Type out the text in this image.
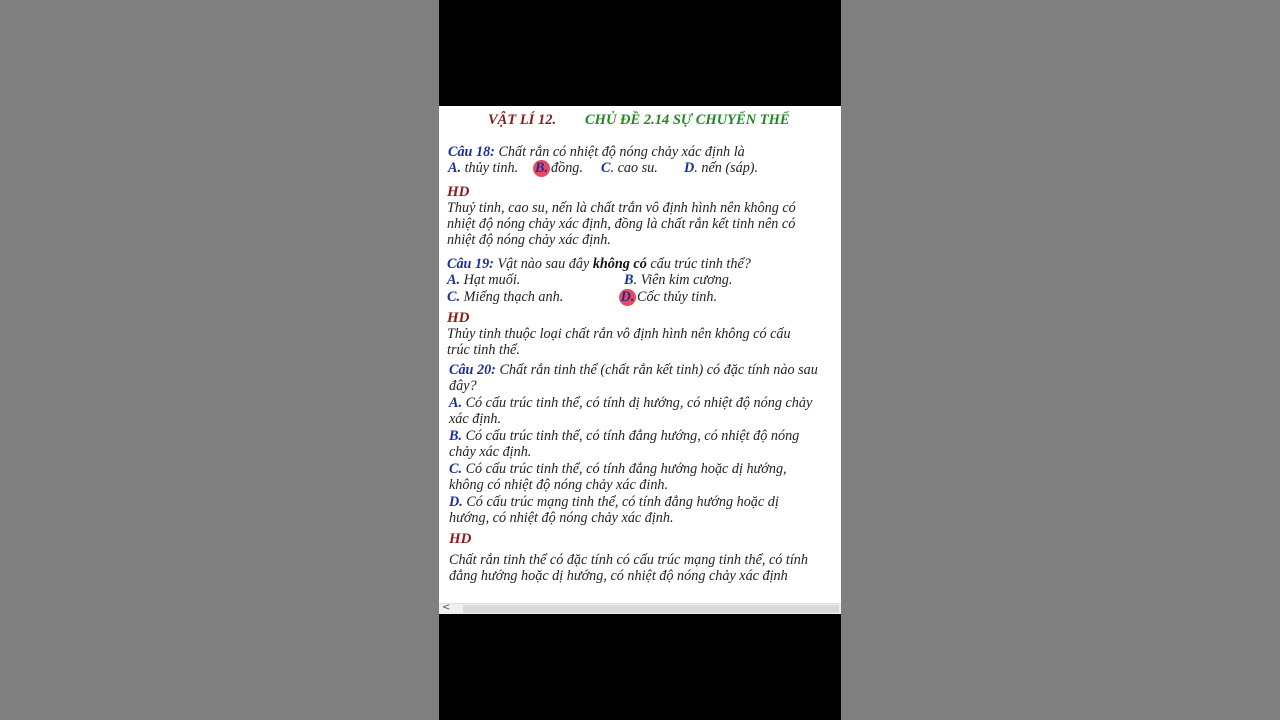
VẬT LÍ 12. CHỦ ĐỀ 2.14 SỰ CHUYỂN THỂ
Câu 18: Chất rắn có nhiệt độ nóng chảy xác định là
A. thủy tinh. B. đồng. C. cao su. D. nến (sáp).
HD
Thuỷ tinh, cao su, nến là chất trắn vô định hình nên không có
nhiệt độ nóng chảy xác định, đồng là chất rắn kết tinh nên có
nhiệt độ nóng chảy xác định.
Câu 19: Vật nào sau đây không có cấu trúc tinh thể?
A. Hạt muối.	B. Viên kim cương.
C. Miếng thạch anh.	D. Cốc thủy tinh.
HD
Thủy tinh thuộc loại chất rắn vô định hình nên không có cấu
trúc tinh thể.
Câu 20: Chất rắn tinh thể (chất rắn kết tinh) có đặc tính nào sau
đây?
A. Có cấu trúc tinh thể, có tính dị hướng, có nhiệt độ nóng chảy
xác định.
B. Có cấu trúc tinh thể, có tính đẳng hướng, có nhiệt độ nóng
chảy xác định.
C. Có cấu trúc tinh thể, có tính đẳng hướng hoặc dị hướng,
không có nhiệt độ nóng chảy xác đinh.
D. Có cấu trúc mạng tinh thể, có tính đẳng hướng hoặc dị
hướng, có nhiệt độ nóng chảy xác định.
HD
Chất rắn tinh thể có đặc tính có cấu trúc mạng tinh thể, có tính
đẳng hướng hoặc dị hướng, có nhiệt độ nóng chảy xác định
<
